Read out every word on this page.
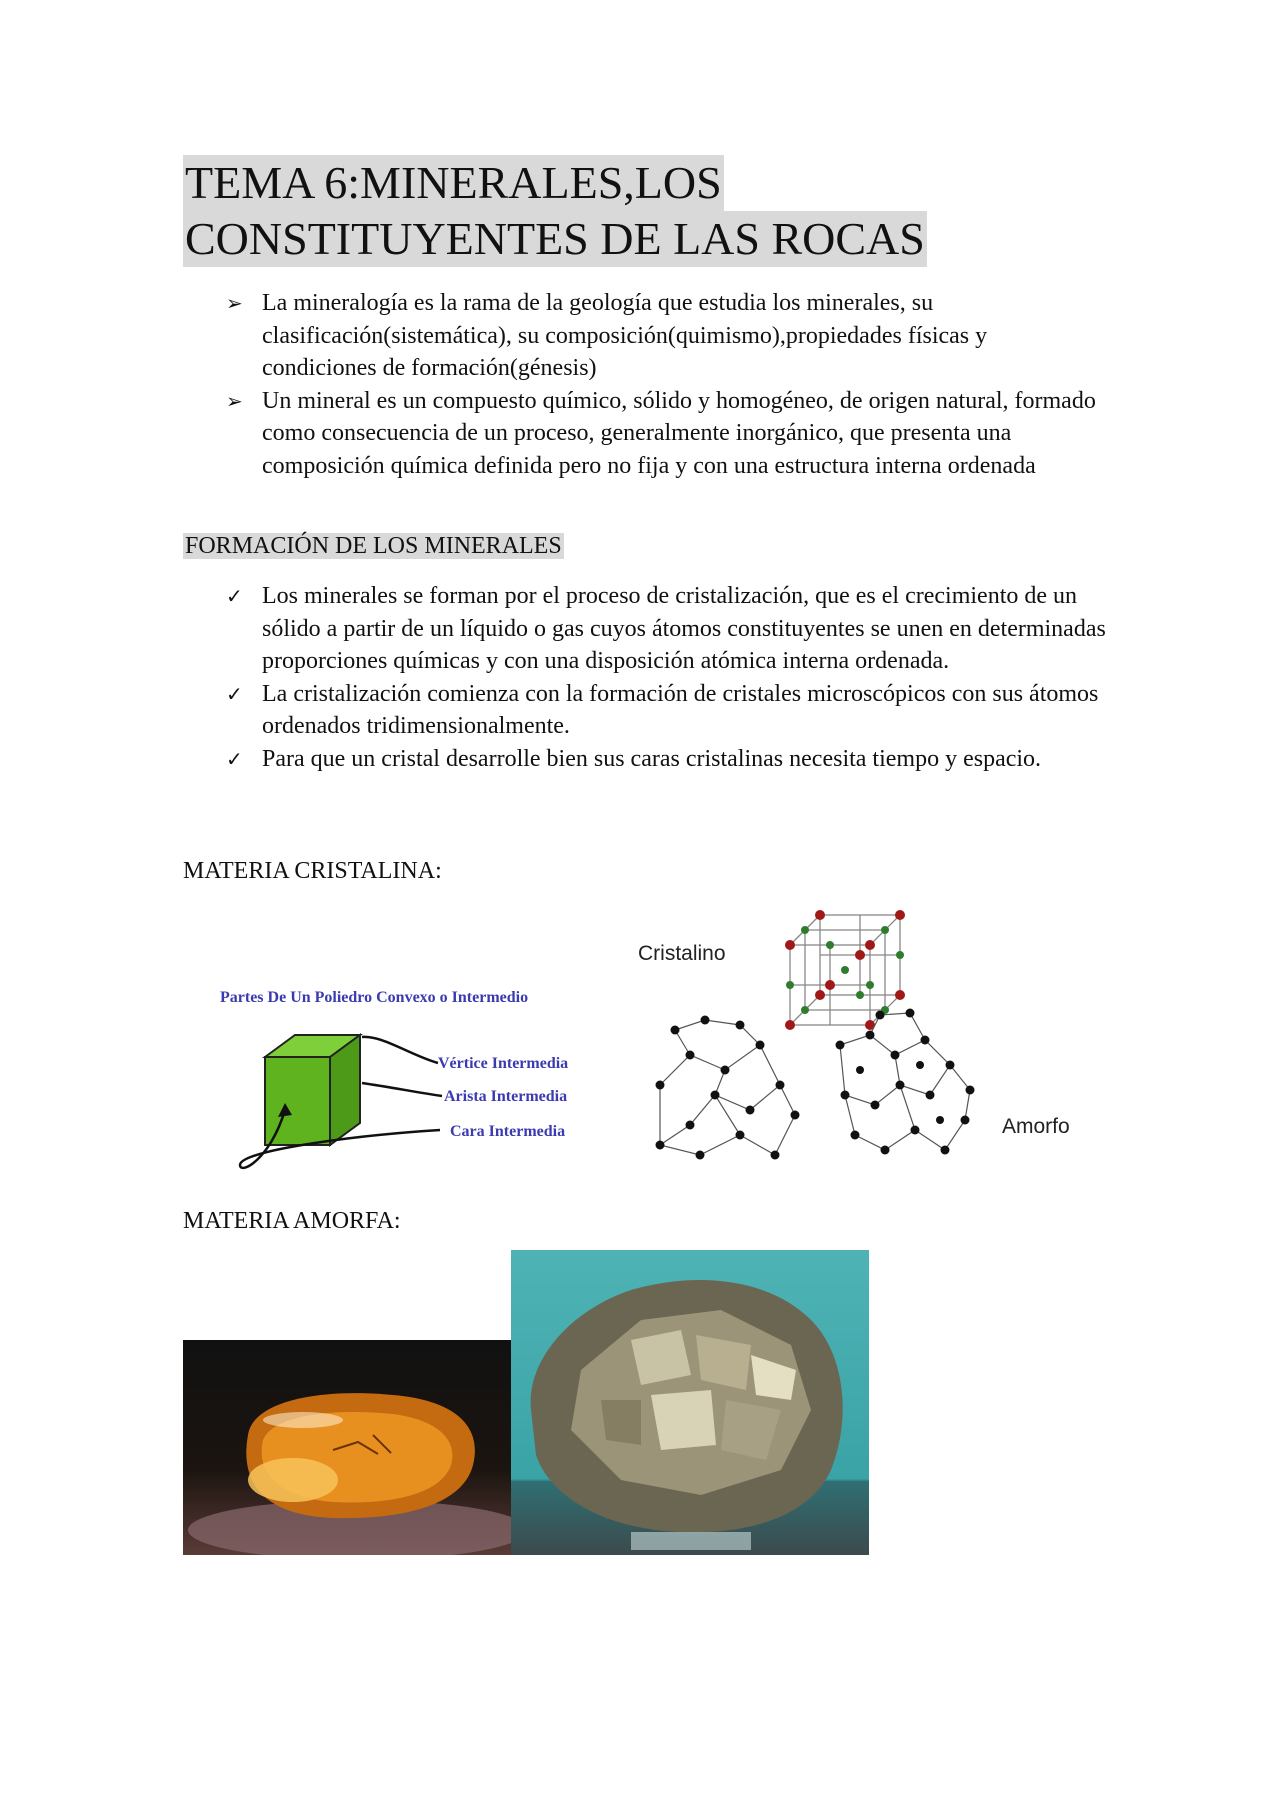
TEMA 6:MINERALES,LOS
CONSTITUYENTES DE LAS ROCAS
➢ La mineralogía es la rama de la geología que estudia los minerales, su clasificación(sistemática), su composición(quimismo),propiedades físicas y condiciones de formación(génesis)
➢ Un mineral es un compuesto químico, sólido y homogéneo, de origen natural, formado como consecuencia de un proceso, generalmente inorgánico, que presenta una composición química definida pero no fija y con una estructura interna ordenada
FORMACIÓN DE LOS MINERALES
✓ Los minerales se forman por el proceso de cristalización, que es el crecimiento de un sólido a partir de un líquido o gas cuyos átomos constituyentes se unen en determinadas proporciones químicas y con una disposición atómica interna ordenada.
✓ La cristalización comienza con la formación de cristales microscópicos con sus átomos ordenados tridimensionalmente.
✓ Para que un cristal desarrolle bien sus caras cristalinas necesita tiempo y espacio.
MATERIA CRISTALINA:
Partes De Un Poliedro Convexo o Intermedio
Vértice Intermedia
Arista Intermedia
Cara Intermedia
Cristalino
Amorfo
MATERIA AMORFA:
